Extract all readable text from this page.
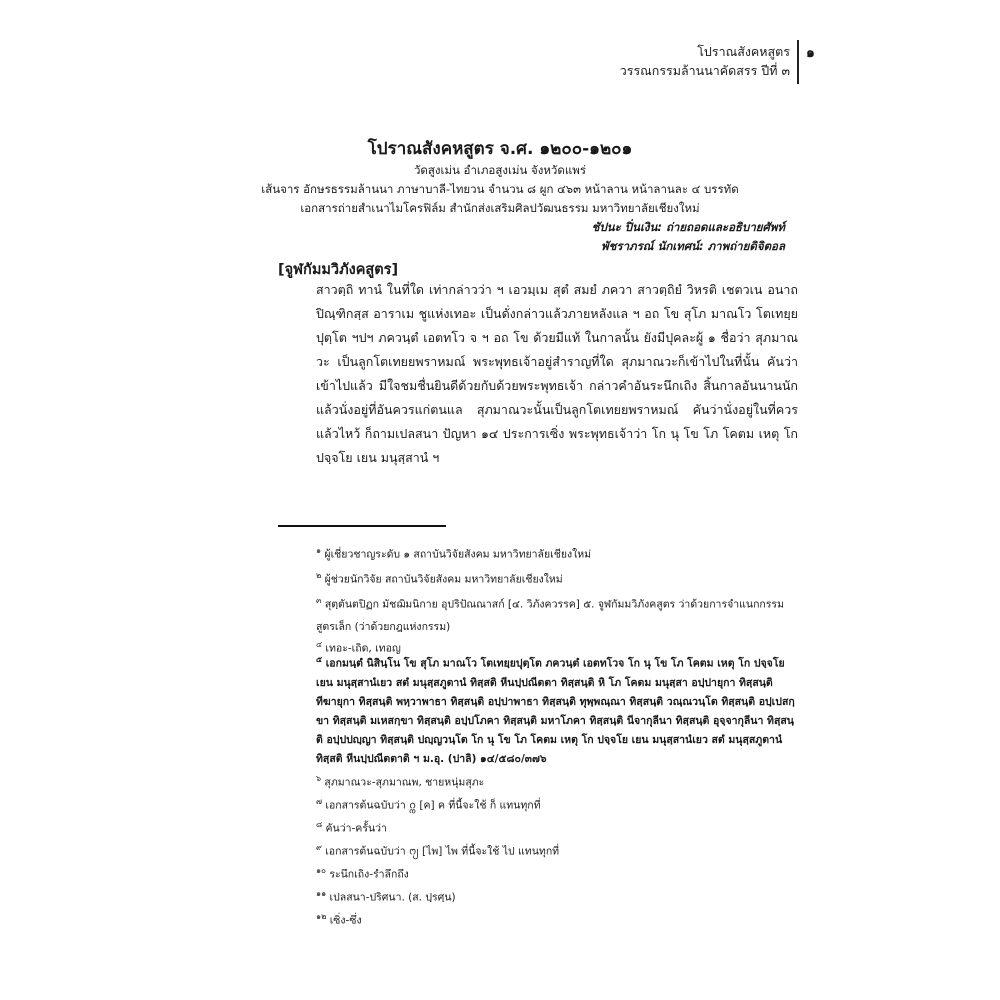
โปราณสังคหสูตร
วรรณกรรมล้านนาคัดสรร ปีที่ ๓
๑
โปราณสังคหสูตร จ.ศ. ๑๒๐๐-๑๒๐๑
วัดสูงเม่น อำเภอสูงเม่น จังหวัดแพร่
เส้นจาร อักษรธรรมล้านนา ภาษาบาลี-ไทยวน จำนวน ๘ ผูก ๔๖๓ หน้าลาน หน้าลานละ ๔ บรรทัด
เอกสารถ่ายสำเนาไมโครฟิล์ม สำนักส่งเสริมศิลปวัฒนธรรม มหาวิทยาลัยเชียงใหม่
ชัปนะ ปิ่นเงิน: ถ่ายถอดและอธิบายศัพท์
พัชราภรณ์ นักเทศน์: ภาพถ่ายดิจิตอล
[จูฬกัมมวิภังคสูตร]
สาวตฺถิ ทานํ ในที่ใด เท่ากล่าวว่า ฯ เอวมฺเม สุตํ สมยํ ภควา สาวตฺถิยํ วิหรติ เชตวเน อนาถปิณฺฑิกสฺส อาราเม ชูแห่งเทอะ เป็นดั่งกล่าวแล้วภายหลังแล ฯ อถ โข สุโภ มาณโว โตเทยฺยปุตฺโต ฯปฯ ภควนฺตํ เอตทโว จ ฯ อถ โข ด้วยมีแท้ ในกาลนั้น ยังมีปุคละผู้ ๑ ชื่อว่า สุภมาณวะ เป็นลูกโตเทยยพราหมณ์ พระพุทธเจ้าอยู่สำราญที่ใด สุภมาณวะก็เข้าไปในที่นั้น คันว่า เข้าไปแล้ว มีใจชมชื่นยินดีด้วยกับด้วยพระพุทธเจ้า กล่าวคำอันระนึกเถิง สิ้นกาลอันนานนักแล้วนั่งอยู่ที่อันควรแก่ตนแล สุภมาณวะนั้นเป็นลูกโตเทยยพราหมณ์ คันว่านั่งอยู่ในที่ควรแล้วไหว้ ก็ถามเปลสนา ปัญหา ๑๔ ประการเซิ่ง พระพุทธเจ้าว่า โก นุ โข โภ โคตม เหตุ โก ปจฺจโย เยน มนุสฺสานํ ฯ
$^๑$ ผู้เชี่ยวชาญระดับ ๑ สถาบันวิจัยสังคม มหาวิทยาลัยเชียงใหม่
$^๒$ ผู้ช่วยนักวิจัย สถาบันวิจัยสังคม มหาวิทยาลัยเชียงใหม่
$^๓$ สุตฺตันตปิฏก มัชฌิมนิกาย อุปริปัณณาสก์ [๔. วิภังควรรค] ๕. จูฬกัมมวิภังคสูตร ว่าด้วยการจำแนกกรรม สูตรเล็ก (ว่าด้วยกฎแห่งกรรม)
$^๔$ เทอะ-เถิด, เทอญ
$^๕$ เอกมนฺตํ นิสินฺโน โข สุโภ มาณโว โตเทยฺยปุตฺโต ภควนฺตํ เอตทโวจ โก นุ โข โภ โคตม เหตุ โก ปจฺจโย เยน มนุสฺสานํเยว สตํ มนุสฺสภูตานํ ทิสฺสติ หีนปฺปณีตตา ทิสฺสนฺติ หิ โภ โคตม มนุสฺสา อปฺปายุกา ทิสฺสนฺติ ทีฆายุกา ทิสฺสนฺติ พหฺวาพาธา ทิสฺสนฺติ อปฺปาพาธา ทิสฺสนฺติ ทุพฺพณฺณา ทิสฺสนฺติ วณฺณวนฺโต ทิสฺสนฺติ อปฺเปสกฺขา ทิสฺสนฺติ มเหสกฺขา ทิสฺสนฺติ อปฺปโภคา ทิสฺสนฺติ มหาโภคา ทิสฺสนฺติ นีจากุลีนา ทิสฺสนฺติ อุจฺจากุลีนา ทิสฺสนฺติ อปฺปปญฺญา ทิสฺสนฺติ ปญฺญวนฺโต โก นุ โข โภ โคตม เหตุ โก ปจฺจโย เยน มนุสฺสานํเยว สตํ มนุสฺสภูตานํ ทิสฺสติ หีนปฺปณีตตาติ ฯ ม.อุ. (ปาลิ) ๑๔/๕๘๐/๓๗๖
$^๖$ สุภมาณวะ-สุภมาณพ, ชายหนุ่มสุภะ
$^๗$ เอกสารต้นฉบับว่า ᨣ᩠ᨠ [ค] ค ที่นี้จะใช้ ก็ แทนทุกที่
$^๘$ คันว่า-ครั้นว่า
$^๙$ เอกสารต้นฉบับว่า ᨻ᩠ᨿ [ไพ] ไพ ที่นี้จะใช้ ไป แทนทุกที่
$^{๑๐}$ ระนึกเถิง-รำลึกถึง
$^{๑๑}$ เปลสนา-ปริศนา. (ส. ปฺรศฺน)
$^{๑๒}$ เซิ่ง-ซึ่ง
